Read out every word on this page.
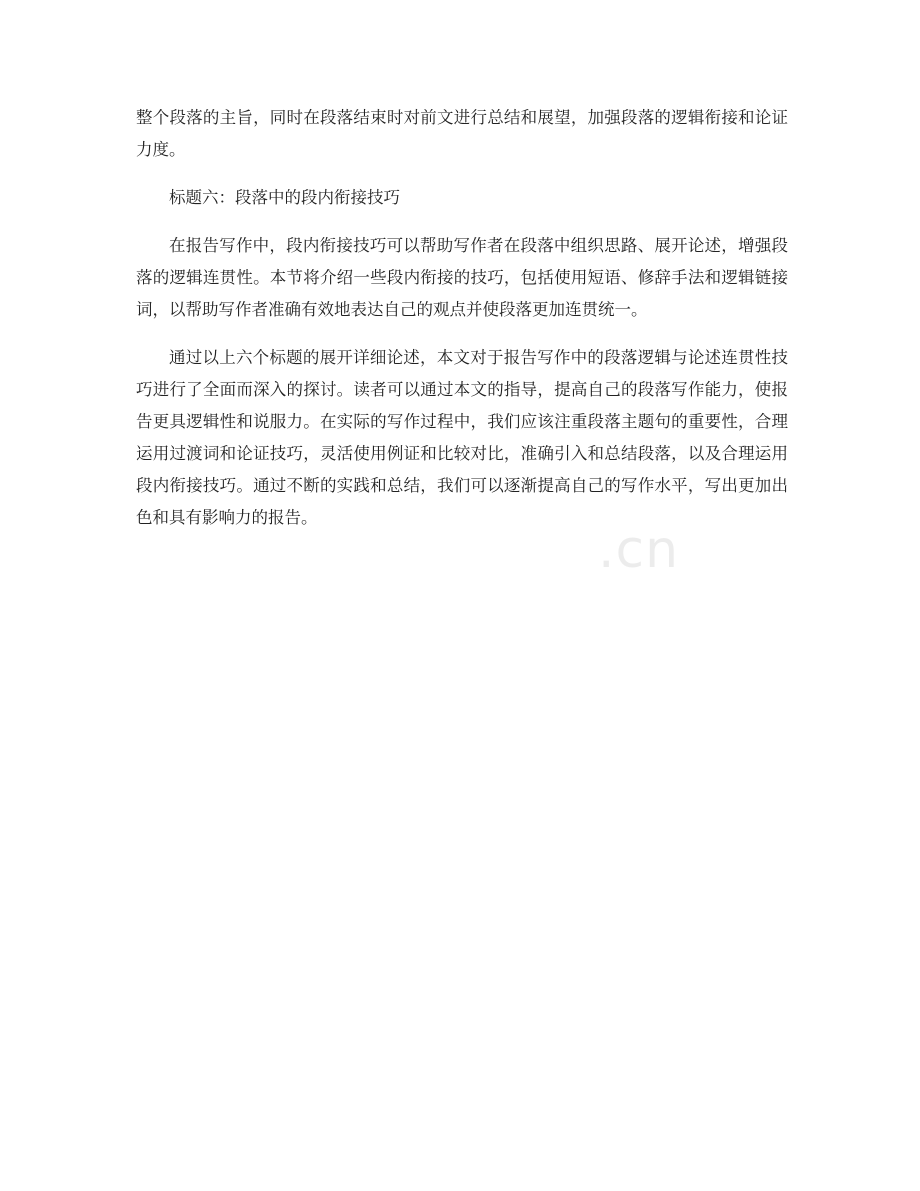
整个段落的主旨，同时在段落结束时对前文进行总结和展望，加强段落的逻辑衔接和论证力度。

标题六：段落中的段内衔接技巧

在报告写作中，段内衔接技巧可以帮助写作者在段落中组织思路、展开论述，增强段落的逻辑连贯性。本节将介绍一些段内衔接的技巧，包括使用短语、修辞手法和逻辑链接词，以帮助写作者准确有效地表达自己的观点并使段落更加连贯统一。

通过以上六个标题的展开详细论述，本文对于报告写作中的段落逻辑与论述连贯性技巧进行了全面而深入的探讨。读者可以通过本文的指导，提高自己的段落写作能力，使报告更具逻辑性和说服力。在实际的写作过程中，我们应该注重段落主题句的重要性，合理运用过渡词和论证技巧，灵活使用例证和比较对比，准确引入和总结段落，以及合理运用段内衔接技巧。通过不断的实践和总结，我们可以逐渐提高自己的写作水平，写出更加出色和具有影响力的报告。

.cn
